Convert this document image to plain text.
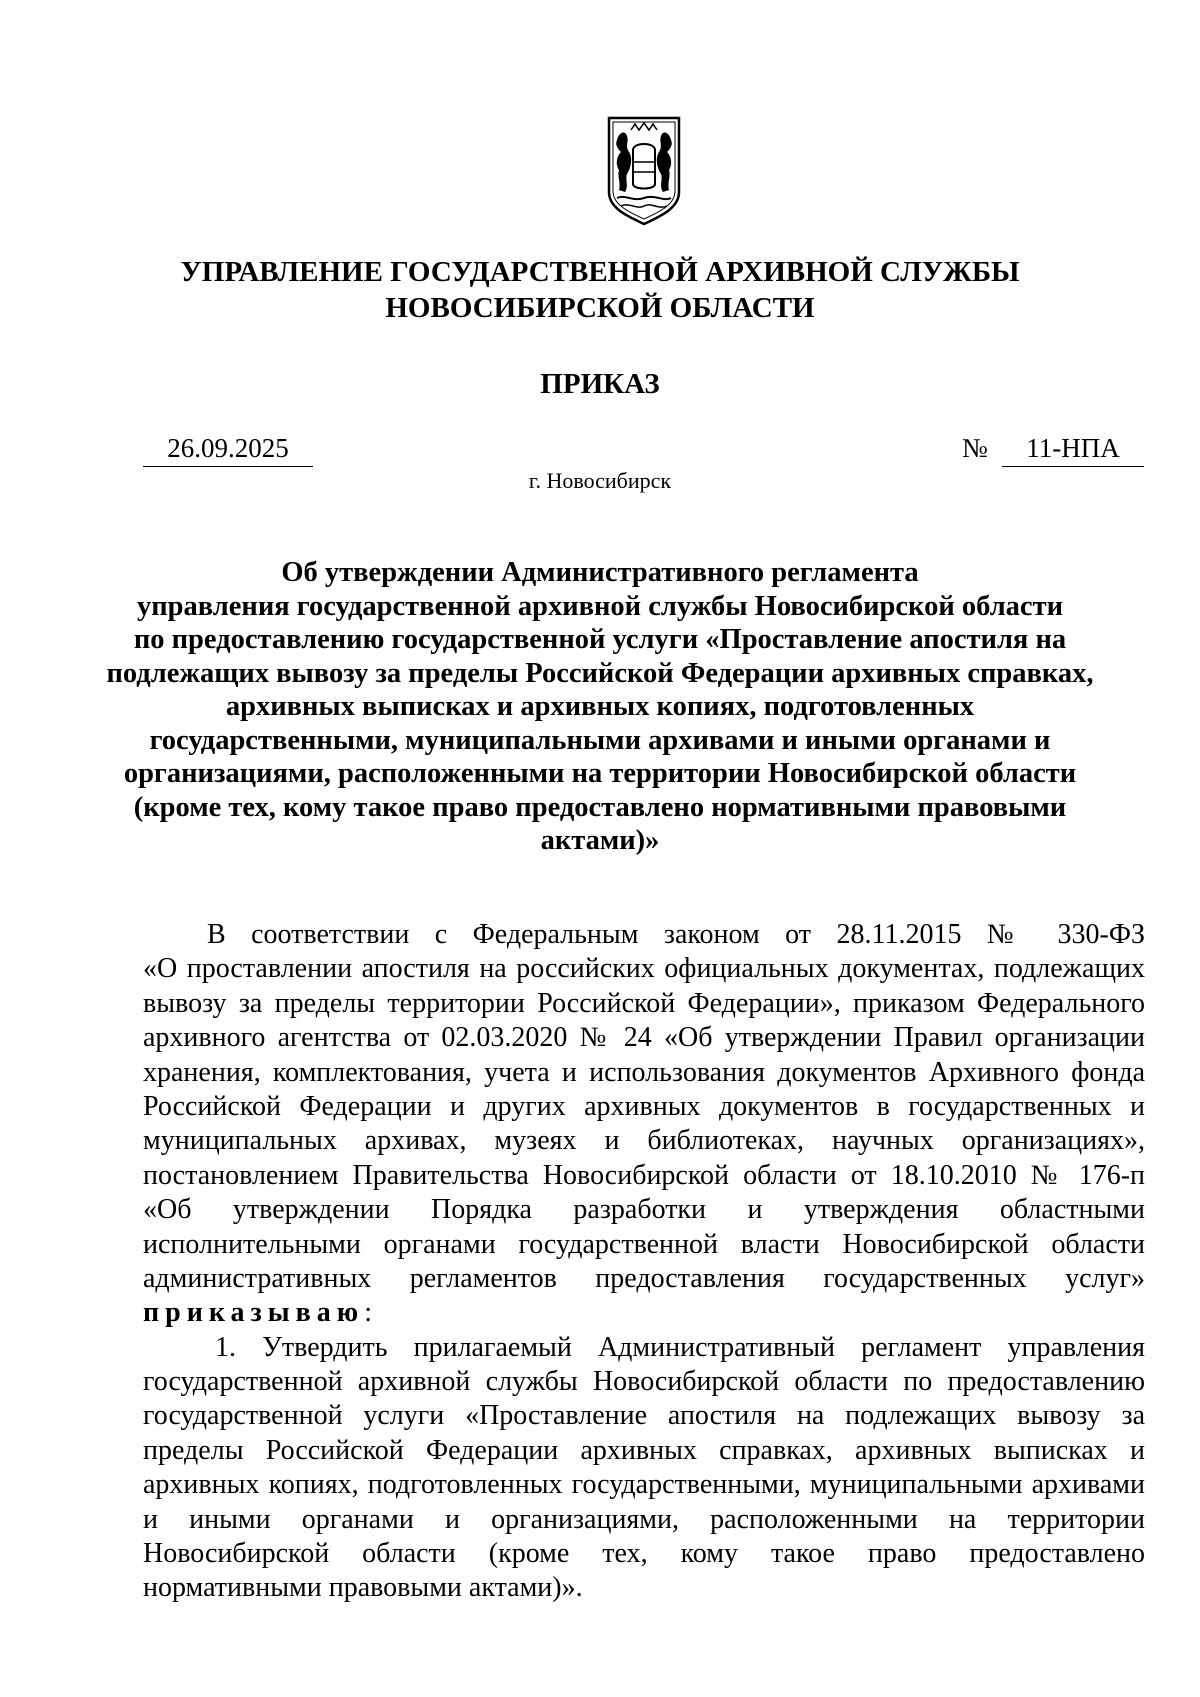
УПРАВЛЕНИЕ ГОСУДАРСТВЕННОЙ АРХИВНОЙ СЛУЖБЫ
НОВОСИБИРСКОЙ ОБЛАСТИ
ПРИКАЗ
26.09.2025	№	11-НПА
г. Новосибирск
Об утверждении Административного регламента
управления государственной архивной службы Новосибирской области
по предоставлению государственной услуги «Проставление апостиля на
подлежащих вывозу за пределы Российской Федерации архивных справках,
архивных выписках и архивных копиях, подготовленных
государственными, муниципальными архивами и иными органами и
организациями, расположенными на территории Новосибирской области
(кроме тех, кому такое право предоставлено нормативными правовыми
актами)»
В соответствии с Федеральным законом от 28.11.2015 № 330-ФЗ
«О проставлении апостиля на российских официальных документах, подлежащих
вывозу за пределы территории Российской Федерации», приказом Федерального
архивного агентства от 02.03.2020 № 24 «Об утверждении Правил организации
хранения, комплектования, учета и использования документов Архивного фонда
Российской Федерации и других архивных документов в государственных и
муниципальных архивах, музеях и библиотеках, научных организациях»,
постановлением Правительства Новосибирской области от 18.10.2010 № 176-п
«Об утверждении Порядка разработки и утверждения областными
исполнительными органами государственной власти Новосибирской области
административных регламентов предоставления государственных услуг»
приказываю:
1. Утвердить прилагаемый Административный регламент управления
государственной архивной службы Новосибирской области по предоставлению
государственной услуги «Проставление апостиля на подлежащих вывозу за
пределы Российской Федерации архивных справках, архивных выписках и
архивных копиях, подготовленных государственными, муниципальными архивами
и иными органами и организациями, расположенными на территории
Новосибирской области (кроме тех, кому такое право предоставлено
нормативными правовыми актами)».
